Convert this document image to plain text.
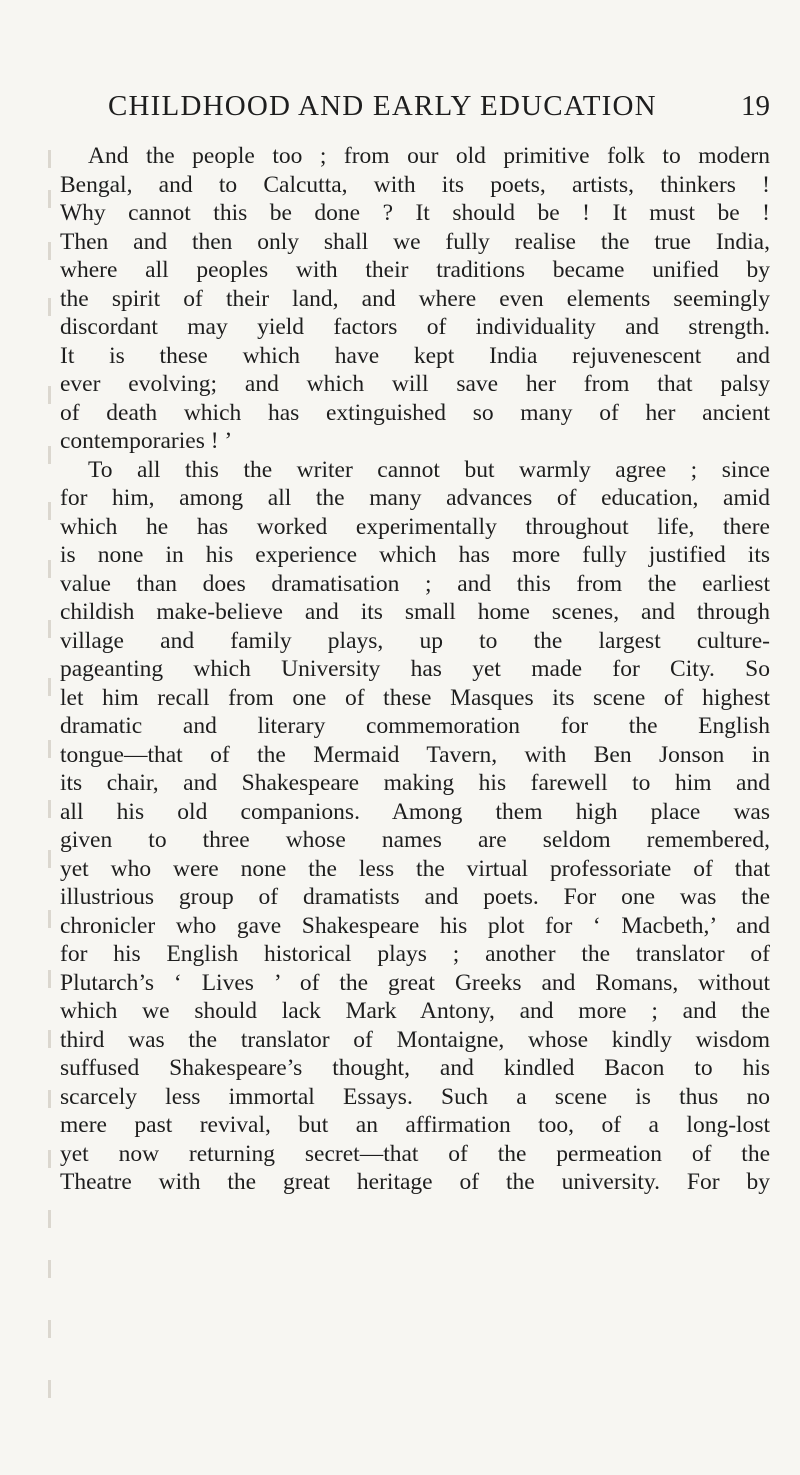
CHILDHOOD AND EARLY EDUCATION	19
And the people too ; from our old primitive folk to modern
Bengal, and to Calcutta, with its poets, artists, thinkers !
Why cannot this be done ? It should be ! It must be !
Then and then only shall we fully realise the true India,
where all peoples with their traditions became unified by
the spirit of their land, and where even elements seemingly
discordant may yield factors of individuality and strength.
It is these which have kept India rejuvenescent and
ever evolving; and which will save her from that palsy
of death which has extinguished so many of her ancient
contemporaries ! ’
To all this the writer cannot but warmly agree ; since
for him, among all the many advances of education, amid
which he has worked experimentally throughout life, there
is none in his experience which has more fully justified its
value than does dramatisation ; and this from the earliest
childish make-believe and its small home scenes, and through
village and family plays, up to the largest culture-
pageanting which University has yet made for City. So
let him recall from one of these Masques its scene of highest
dramatic and literary commemoration for the English
tongue—that of the Mermaid Tavern, with Ben Jonson in
its chair, and Shakespeare making his farewell to him and
all his old companions. Among them high place was
given to three whose names are seldom remembered,
yet who were none the less the virtual professoriate of that
illustrious group of dramatists and poets. For one was the
chronicler who gave Shakespeare his plot for ‘ Macbeth,’ and
for his English historical plays ; another the translator of
Plutarch’s ‘ Lives ’ of the great Greeks and Romans, without
which we should lack Mark Antony, and more ; and the
third was the translator of Montaigne, whose kindly wisdom
suffused Shakespeare’s thought, and kindled Bacon to his
scarcely less immortal Essays. Such a scene is thus no
mere past revival, but an affirmation too, of a long-lost
yet now returning secret—that of the permeation of the
Theatre with the great heritage of the university. For by
